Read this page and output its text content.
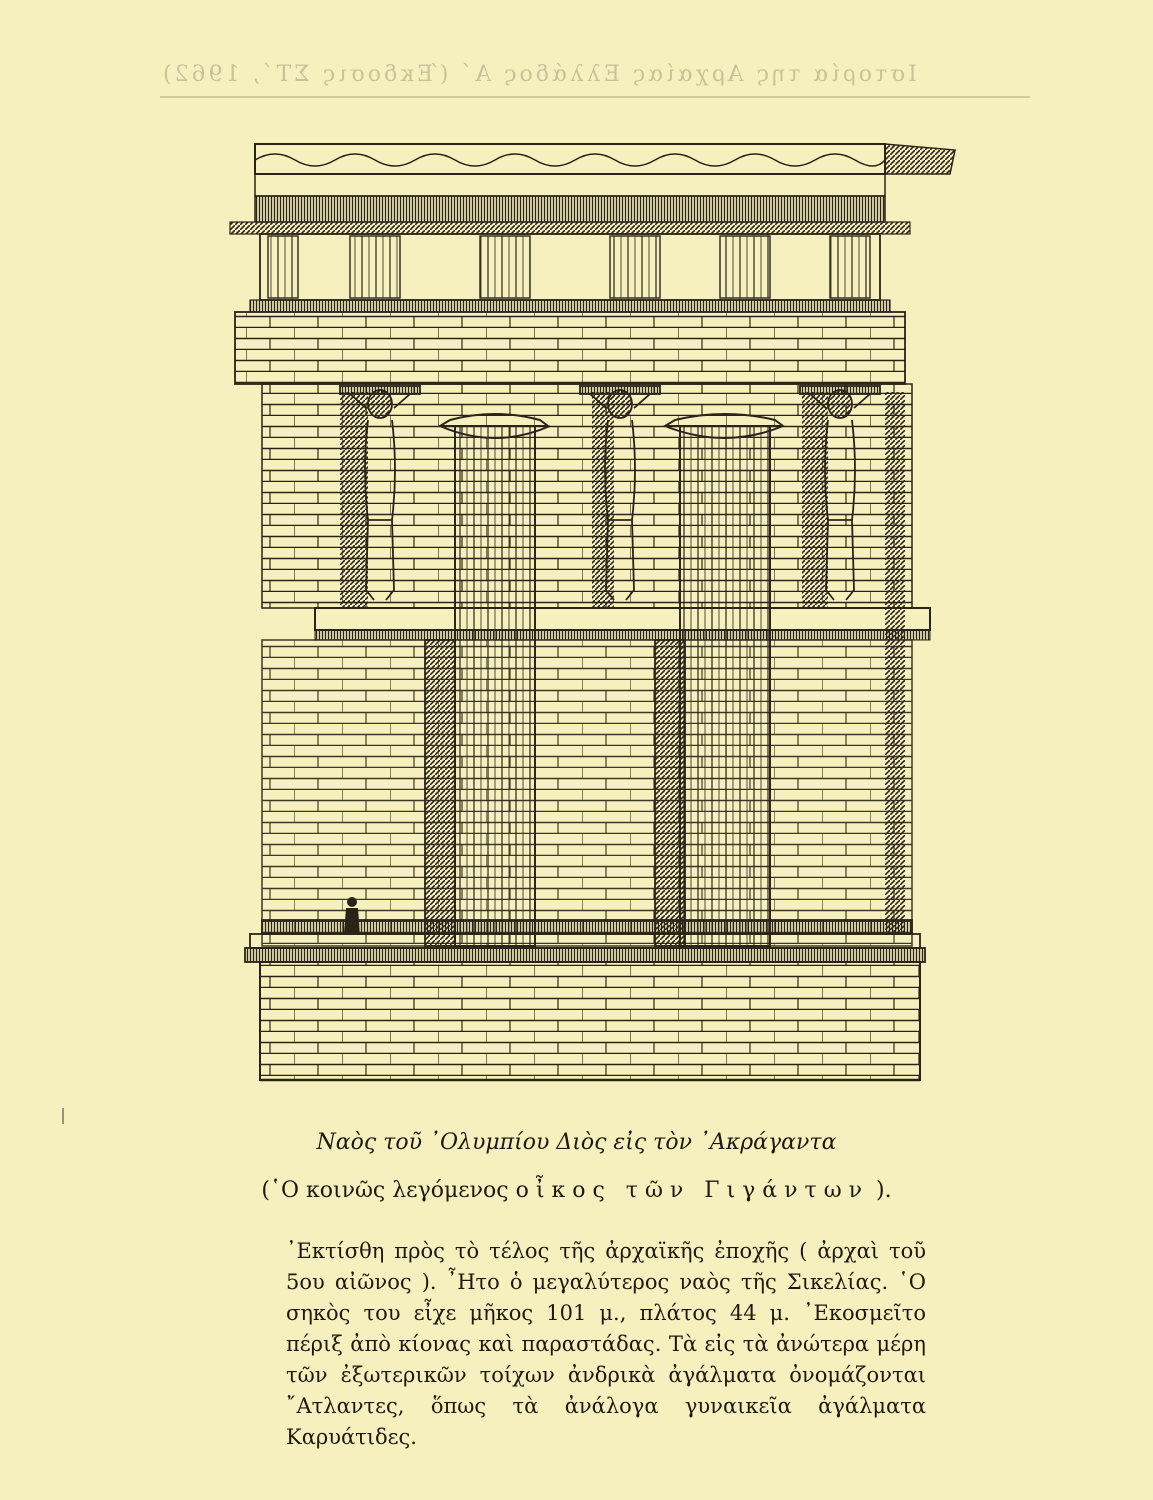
Ιστορία της Αρχαίας Ελλάδος Α΄ (Έκδοσις ΣΤ΄, 1962)
Ναὸς τοῦ ᾿Ολυμπίου Διὸς εἰς τὸν ᾿Ακράγαντα
(῾Ο κοινῶς λεγόμενος οἶκος τῶν Γιγάντων ).

᾿Εκτίσθη πρὸς τὸ τέλος τῆς ἀρχαϊκῆς ἐποχῆς ( ἀρχαὶ τοῦ 5ου αἰῶνος ). ῏Ητο ὁ μεγαλύτερος ναὸς τῆς Σικελίας. ῾Ο σηκὸς του εἶχε μῆκος 101 μ., πλάτος 44 μ. ᾿Εκοσμεῖτο πέριξ ἀπὸ κίονας καὶ παραστάδας. Τὰ εἰς τὰ ἀνώτερα μέρη τῶν ἐξωτερικῶν τοίχων ἀνδρικὰ ἀγάλματα ὀνομάζονται ῎Ατλαντες, ὅπως τὰ ἀνάλογα γυναικεῖα ἀγάλματα Καρυάτιδες.
